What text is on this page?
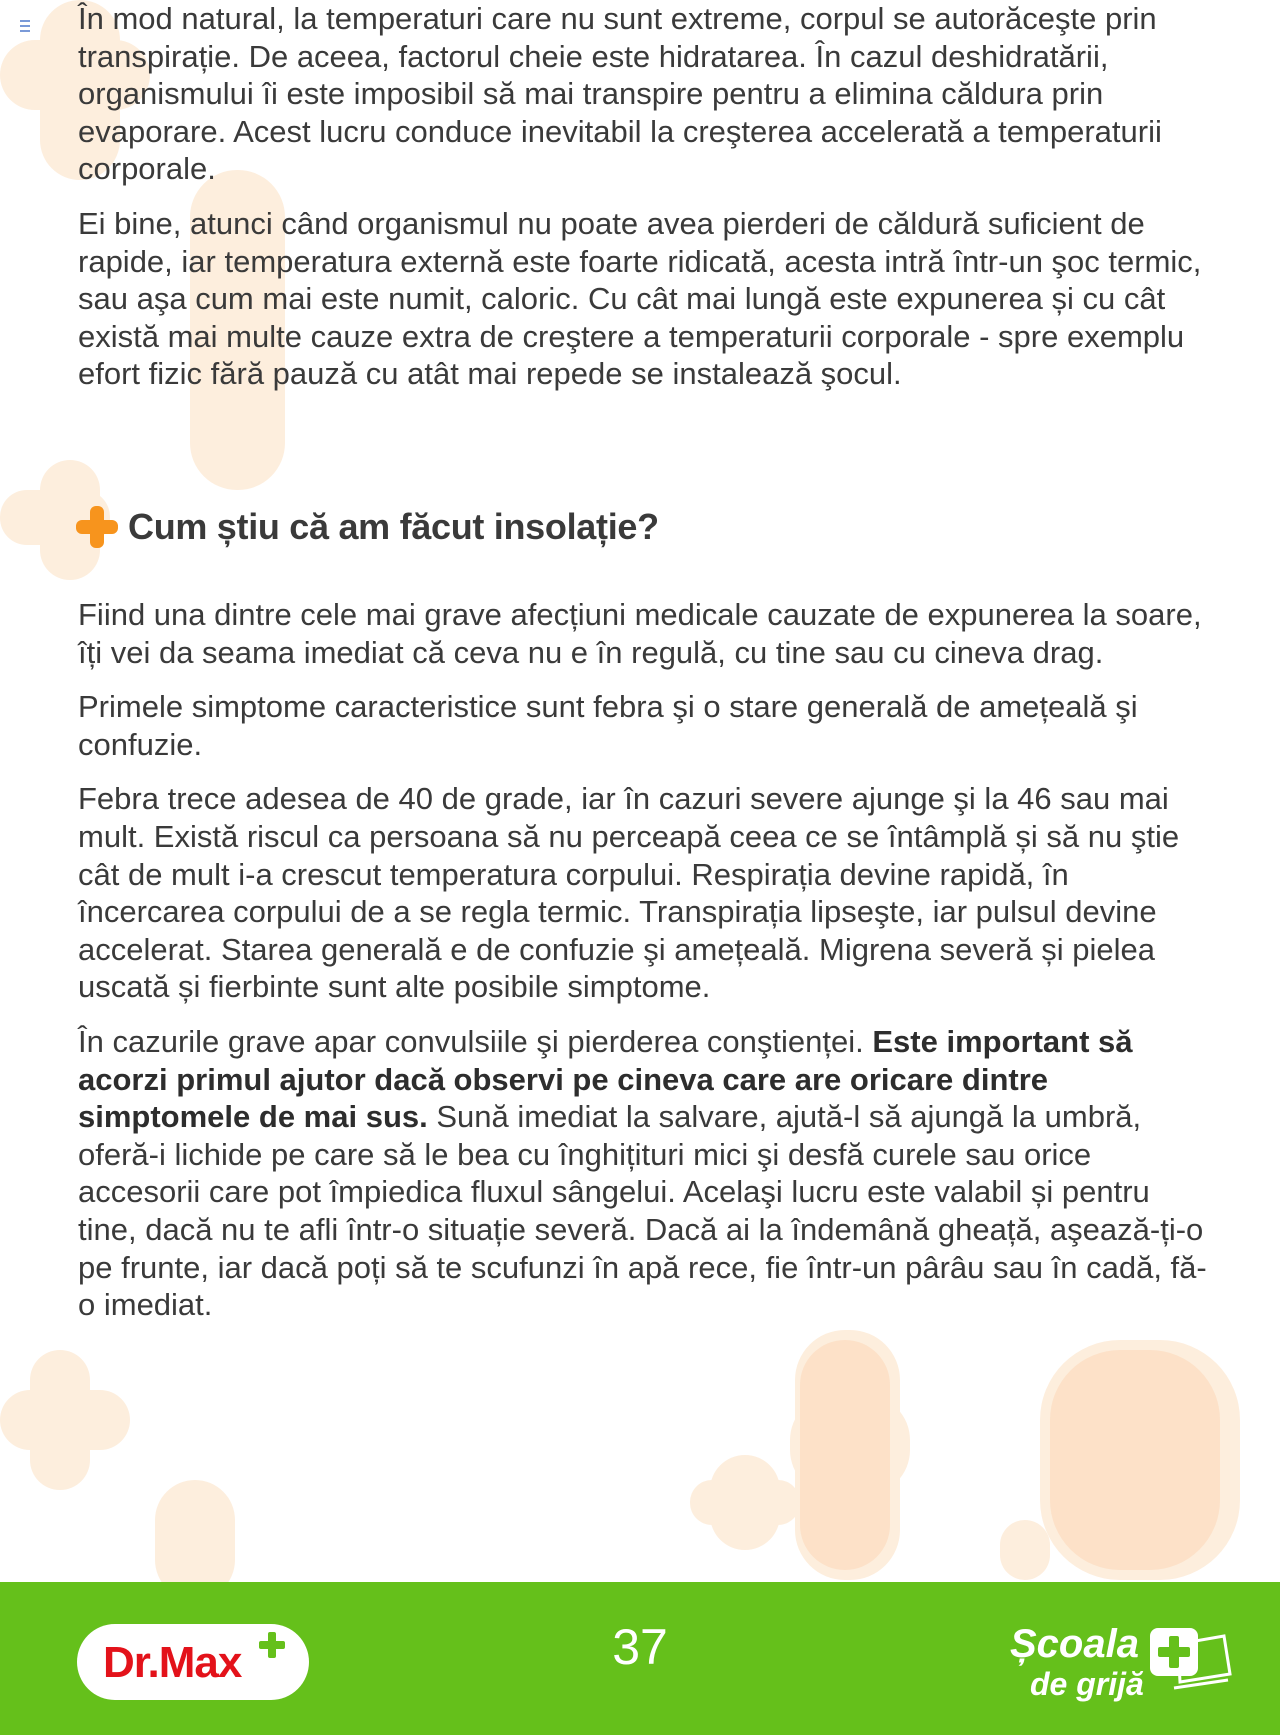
În mod natural, la temperaturi care nu sunt extreme, corpul se autorăceşte prin transpirație. De aceea, factorul cheie este hidratarea. În cazul deshidratării, organismului îi este imposibil să mai transpire pentru a elimina căldura prin evaporare. Acest lucru conduce inevitabil la creşterea accelerată a temperaturii corporale.

Ei bine, atunci când organismul nu poate avea pierderi de căldură suficient de rapide, iar temperatura externă este foarte ridicată, acesta intră într-un şoc termic, sau aşa cum mai este numit, caloric. Cu cât mai lungă este expunerea și cu cât există mai multe cauze extra de creştere a temperaturii corporale - spre exemplu efort fizic fără pauză cu atât mai repede se instalează şocul.

Cum știu că am făcut insolație?

Fiind una dintre cele mai grave afecțiuni medicale cauzate de expunerea la soare, îți vei da seama imediat că ceva nu e în regulă, cu tine sau cu cineva drag.

Primele simptome caracteristice sunt febra şi o stare generală de amețeală şi confuzie.

Febra trece adesea de 40 de grade, iar în cazuri severe ajunge şi la 46 sau mai mult. Există riscul ca persoana să nu perceapă ceea ce se întâmplă și să nu ştie cât de mult i-a crescut temperatura corpului. Respirația devine rapidă, în încercarea corpului de a se regla termic. Transpirația lipseşte, iar pulsul devine accelerat. Starea generală e de confuzie şi amețeală. Migrena severă și pielea uscată și fierbinte sunt alte posibile simptome.

În cazurile grave apar convulsiile şi pierderea conştienței. Este important să acorzi primul ajutor dacă observi pe cineva care are oricare dintre simptomele de mai sus. Sună imediat la salvare, ajută-l să ajungă la umbră, oferă-i lichide pe care să le bea cu înghițituri mici şi desfă curele sau orice accesorii care pot împiedica fluxul sângelui. Acelaşi lucru este valabil și pentru tine, dacă nu te afli într-o situație severă. Dacă ai la îndemână gheață, aşează-ți-o pe frunte, iar dacă poți să te scufunzi în apă rece, fie într-un pârâu sau în cadă, fă-o imediat.

Dr.Max	37	Școala
de grijă
